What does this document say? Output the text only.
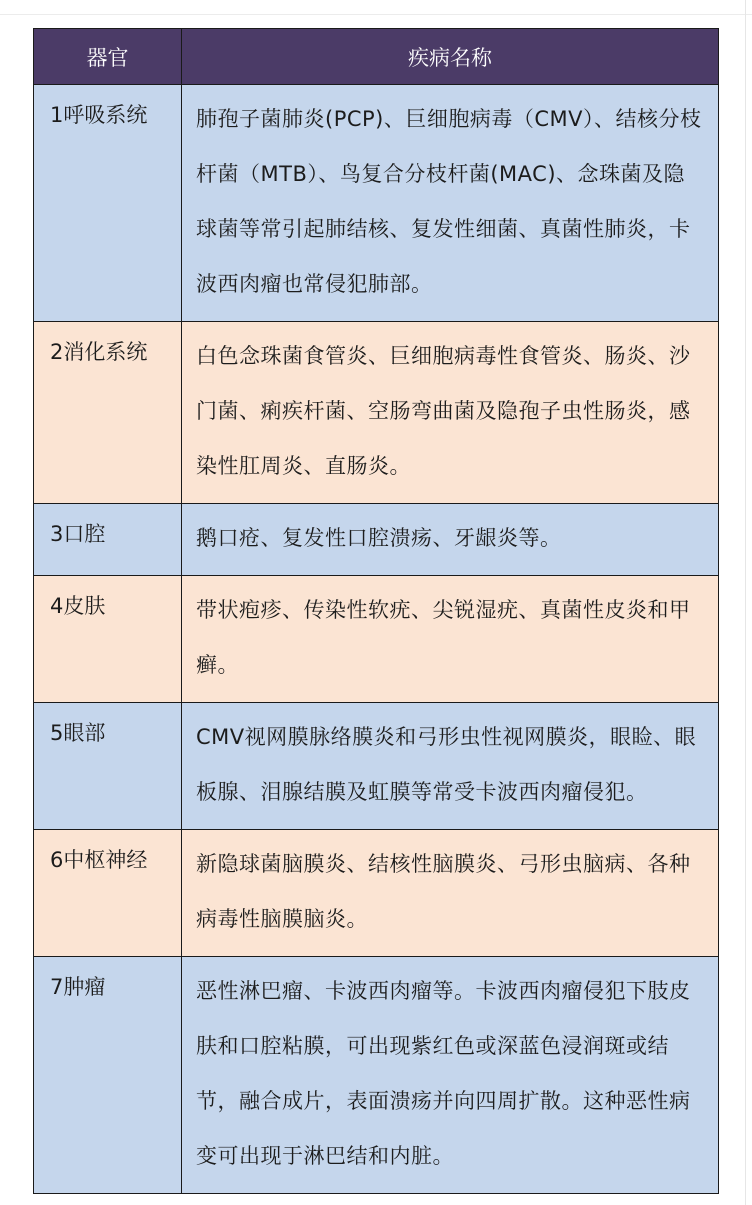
器官	疾病名称
1呼吸系统	肺孢子菌肺炎(PCP)、巨细胞病毒（CMV）、结核分枝杆菌（MTB）、鸟复合分枝杆菌(MAC)、念珠菌及隐球菌等常引起肺结核、复发性细菌、真菌性肺炎，卡波西肉瘤也常侵犯肺部。
2消化系统	白色念珠菌食管炎、巨细胞病毒性食管炎、肠炎、沙门菌、痢疾杆菌、空肠弯曲菌及隐孢子虫性肠炎，感染性肛周炎、直肠炎。
3口腔	鹅口疮、复发性口腔溃疡、牙龈炎等。
4皮肤	带状疱疹、传染性软疣、尖锐湿疣、真菌性皮炎和甲癣。
5眼部	CMV视网膜脉络膜炎和弓形虫性视网膜炎，眼睑、眼板腺、泪腺结膜及虹膜等常受卡波西肉瘤侵犯。
6中枢神经	新隐球菌脑膜炎、结核性脑膜炎、弓形虫脑病、各种病毒性脑膜脑炎。
7肿瘤	恶性淋巴瘤、卡波西肉瘤等。卡波西肉瘤侵犯下肢皮肤和口腔粘膜，可出现紫红色或深蓝色浸润斑或结节，融合成片，表面溃疡并向四周扩散。这种恶性病变可出现于淋巴结和内脏。
